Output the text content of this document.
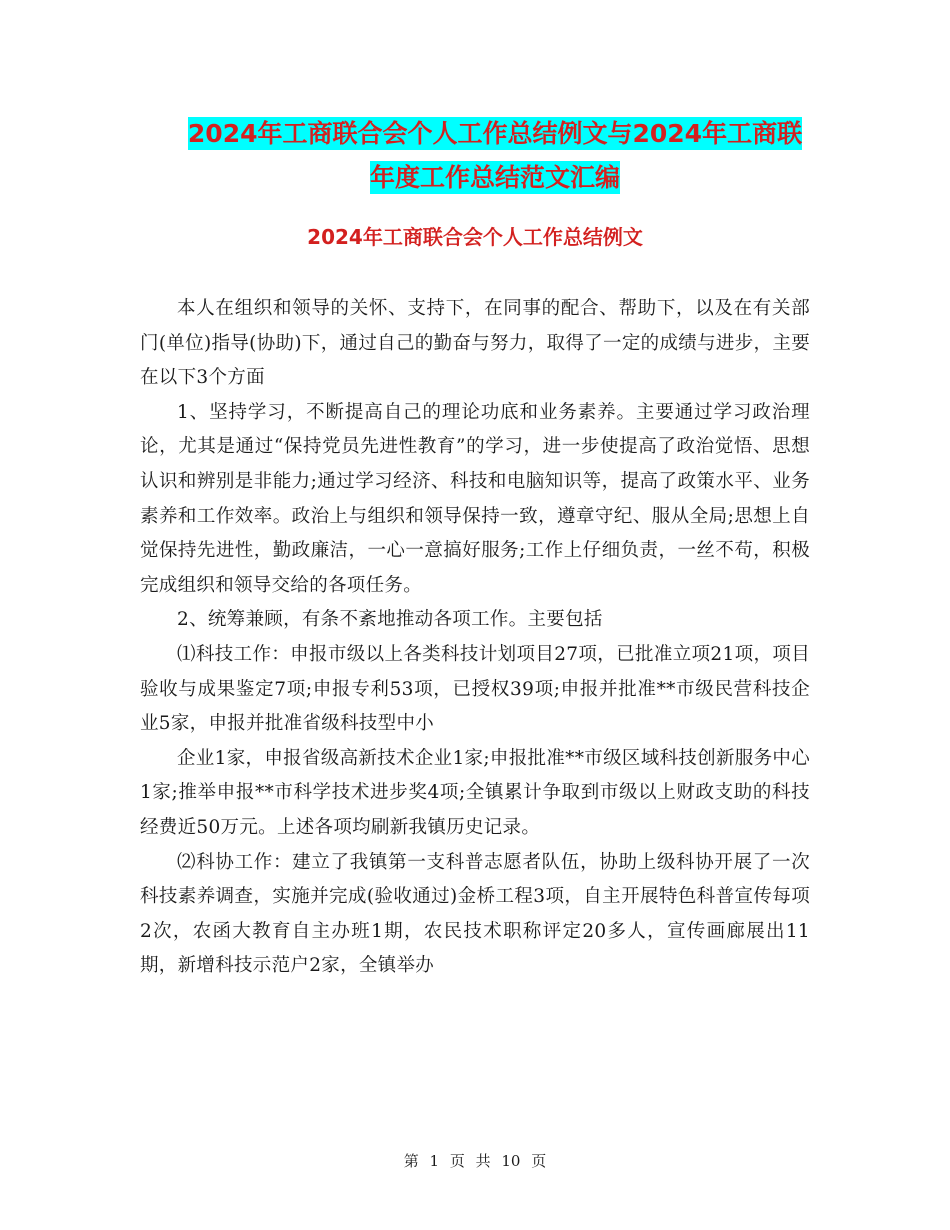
2024年工商联合会个人工作总结例文与2024年工商联
年度工作总结范文汇编
2024年工商联合会个人工作总结例文

本人在组织和领导的关怀、支持下，在同事的配合、帮助下，以及在有关部门(单位)指导(协助)下，通过自己的勤奋与努力，取得了一定的成绩与进步，主要在以下3个方面

1、坚持学习，不断提高自己的理论功底和业务素养。主要通过学习政治理论，尤其是通过“保持党员先进性教育”的学习，进一步使提高了政治觉悟、思想认识和辨别是非能力;通过学习经济、科技和电脑知识等，提高了政策水平、业务素养和工作效率。政治上与组织和领导保持一致，遵章守纪、服从全局;思想上自觉保持先进性，勤政廉洁，一心一意搞好服务;工作上仔细负责，一丝不苟，积极完成组织和领导交给的各项任务。

2、统筹兼顾，有条不紊地推动各项工作。主要包括

⑴科技工作：申报市级以上各类科技计划项目27项，已批准立项21项，项目验收与成果鉴定7项;申报专利53项，已授权39项;申报并批准**市级民营科技企业5家，申报并批准省级科技型中小

企业1家，申报省级高新技术企业1家;申报批准**市级区域科技创新服务中心1家;推举申报**市科学技术进步奖4项;全镇累计争取到市级以上财政支助的科技经费近50万元。上述各项均刷新我镇历史记录。

⑵科协工作：建立了我镇第一支科普志愿者队伍，协助上级科协开展了一次科技素养调查，实施并完成(验收通过)金桥工程3项，自主开展特色科普宣传每项2次，农函大教育自主办班1期，农民技术职称评定20多人，宣传画廊展出11期，新增科技示范户2家，全镇举办

第 1 页 共 10 页
